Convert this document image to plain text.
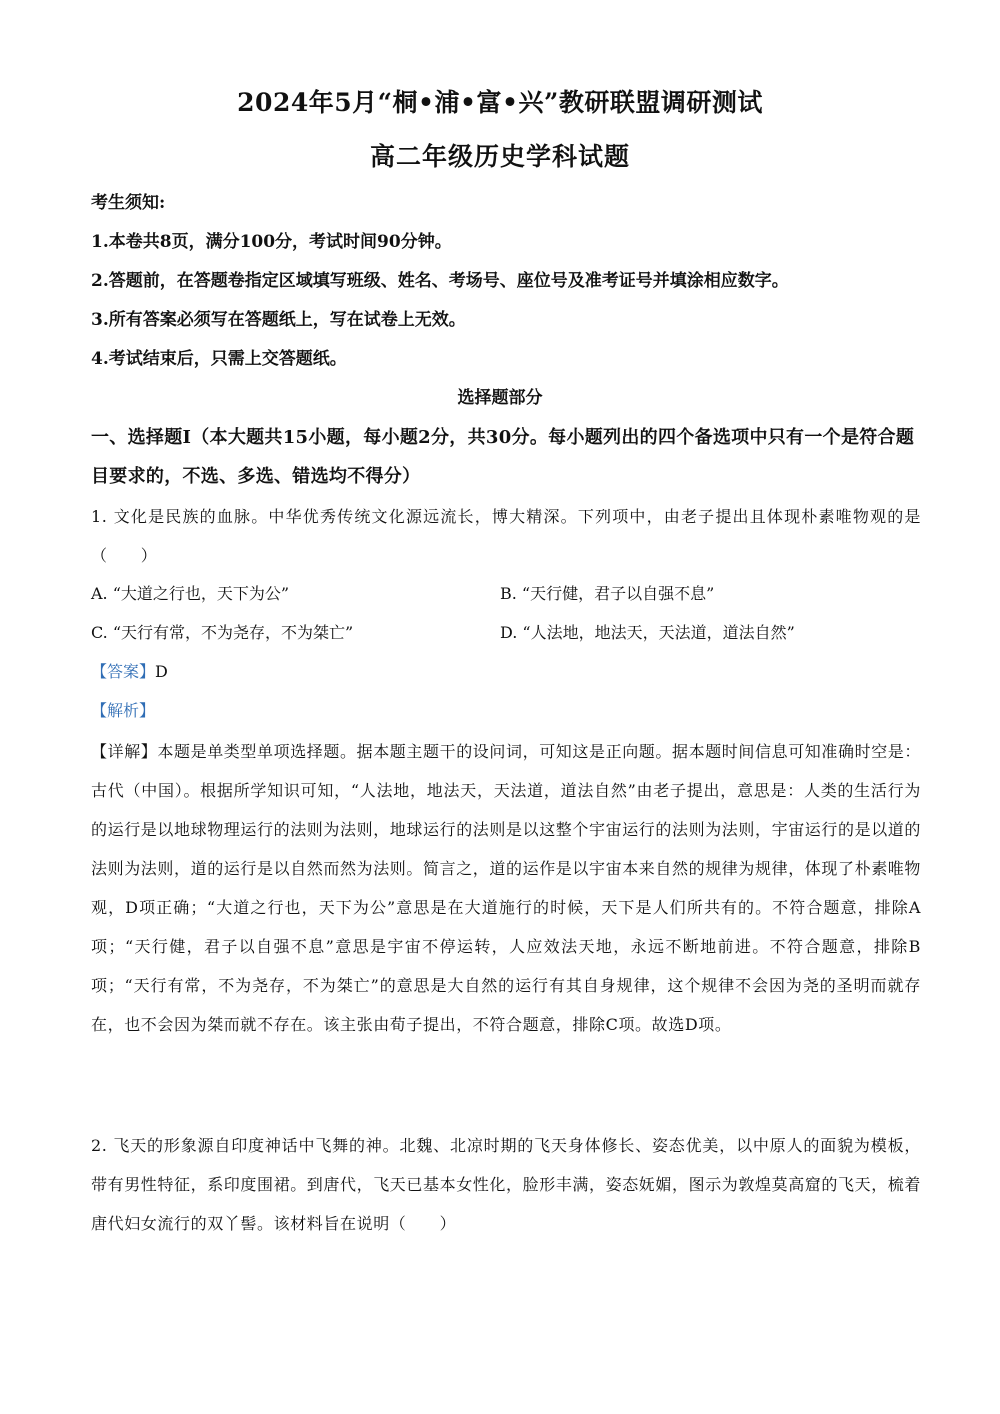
2024年5月“桐•浦•富•兴”教研联盟调研测试
高二年级历史学科试题
考生须知:
1.本卷共8页，满分100分，考试时间90分钟。
2.答题前，在答题卷指定区域填写班级、姓名、考场号、座位号及准考证号并填涂相应数字。
3.所有答案必须写在答题纸上，写在试卷上无效。
4.考试结束后，只需上交答题纸。
选择题部分
一、选择题Ⅰ（本大题共15小题，每小题2分，共30分。每小题列出的四个备选项中只有一个是符合题目要求的，不选、多选、错选均不得分）
1. 文化是民族的血脉。中华优秀传统文化源远流长，博大精深。下列项中，由老子提出且体现朴素唯物观的是（　　）
A. “大道之行也，天下为公”	B. “天行健，君子以自强不息”
C. “天行有常，不为尧存，不为桀亡”	D. “人法地，地法天，天法道，道法自然”
【答案】D
【解析】
【详解】本题是单类型单项选择题。据本题主题干的设问词，可知这是正向题。据本题时间信息可知准确时空是：古代（中国）。根据所学知识可知，“人法地，地法天，天法道，道法自然”由老子提出，意思是：人类的生活行为的运行是以地球物理运行的法则为法则，地球运行的法则是以这整个宇宙运行的法则为法则，宇宙运行的是以道的法则为法则，道的运行是以自然而然为法则。简言之，道的运作是以宇宙本来自然的规律为规律，体现了朴素唯物观，D项正确；“大道之行也，天下为公”意思是在大道施行的时候，天下是人们所共有的。不符合题意，排除A项；“天行健，君子以自强不息”意思是宇宙不停运转，人应效法天地，永远不断地前进。不符合题意，排除B项；“天行有常，不为尧存，不为桀亡”的意思是大自然的运行有其自身规律，这个规律不会因为尧的圣明而就存在，也不会因为桀而就不存在。该主张由荀子提出，不符合题意，排除C项。故选D项。
2. 飞天的形象源自印度神话中飞舞的神。北魏、北凉时期的飞天身体修长、姿态优美，以中原人的面貌为模板，带有男性特征，系印度围裙。到唐代，飞天已基本女性化，脸形丰满，姿态妩媚，图示为敦煌莫高窟的飞天，梳着唐代妇女流行的双丫髻。该材料旨在说明（　　）
